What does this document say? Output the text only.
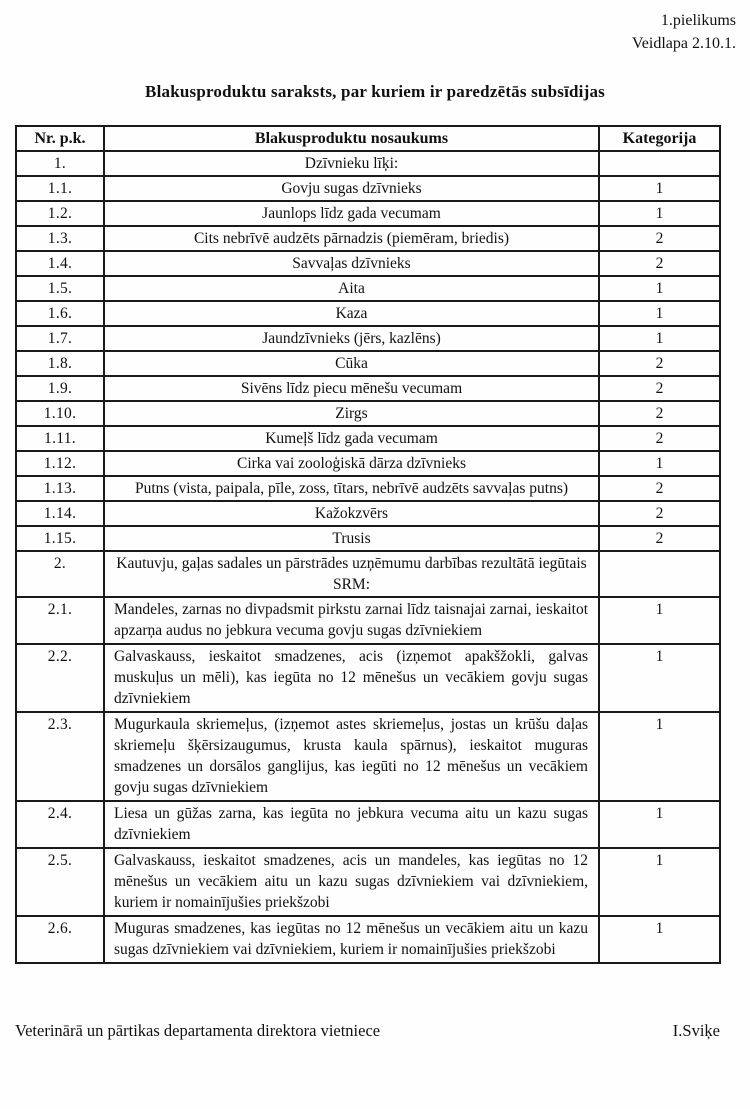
1.pielikums
Veidlapa 2.10.1.
Blakusproduktu saraksts, par kuriem ir paredzētās subsīdijas
Nr. p.k.	Blakusproduktu nosaukums	Kategorija
1.	Dzīvnieku līķi:	
1.1.	Govju sugas dzīvnieks	1
1.2.	Jaunlops līdz gada vecumam	1
1.3.	Cits nebrīvē audzēts pārnadzis (piemēram, briedis)	2
1.4.	Savvaļas dzīvnieks	2
1.5.	Aita	1
1.6.	Kaza	1
1.7.	Jaundzīvnieks (jērs, kazlēns)	1
1.8.	Cūka	2
1.9.	Sivēns līdz piecu mēnešu vecumam	2
1.10.	Zirgs	2
1.11.	Kumeļš līdz gada vecumam	2
1.12.	Cirka vai zooloģiskā dārza dzīvnieks	1
1.13.	Putns (vista, paipala, pīle, zoss, tītars, nebrīvē audzēts savvaļas putns)	2
1.14.	Kažokzvērs	2
1.15.	Trusis	2
2.	Kautuvju, gaļas sadales un pārstrādes uzņēmumu darbības rezultātā iegūtais SRM:	
2.1.	Mandeles, zarnas no divpadsmit pirkstu zarnai līdz taisnajai zarnai, ieskaitot apzarņa audus no jebkura vecuma govju sugas dzīvniekiem	1
2.2.	Galvaskauss, ieskaitot smadzenes, acis (izņemot apakšžokli, galvas muskuļus un mēli), kas iegūta no 12 mēnešus un vecākiem govju sugas dzīvniekiem	1
2.3.	Mugurkaula skriemeļus, (izņemot astes skriemeļus, jostas un krūšu daļas skriemeļu šķērsizaugumus, krusta kaula spārnus), ieskaitot muguras smadzenes un dorsālos ganglijus, kas iegūti no 12 mēnešus un vecākiem govju sugas dzīvniekiem	1
2.4.	Liesa un gūžas zarna, kas iegūta no jebkura vecuma aitu un kazu sugas dzīvniekiem	1
2.5.	Galvaskauss, ieskaitot smadzenes, acis un mandeles, kas iegūtas no 12 mēnešus un vecākiem aitu un kazu sugas dzīvniekiem vai dzīvniekiem, kuriem ir nomainījušies priekšzobi	1
2.6.	Muguras smadzenes, kas iegūtas no 12 mēnešus un vecākiem aitu un kazu sugas dzīvniekiem vai dzīvniekiem, kuriem ir nomainījušies priekšzobi	1
Veterinārā un pārtikas departamenta direktora vietniece	I.Sviķe
